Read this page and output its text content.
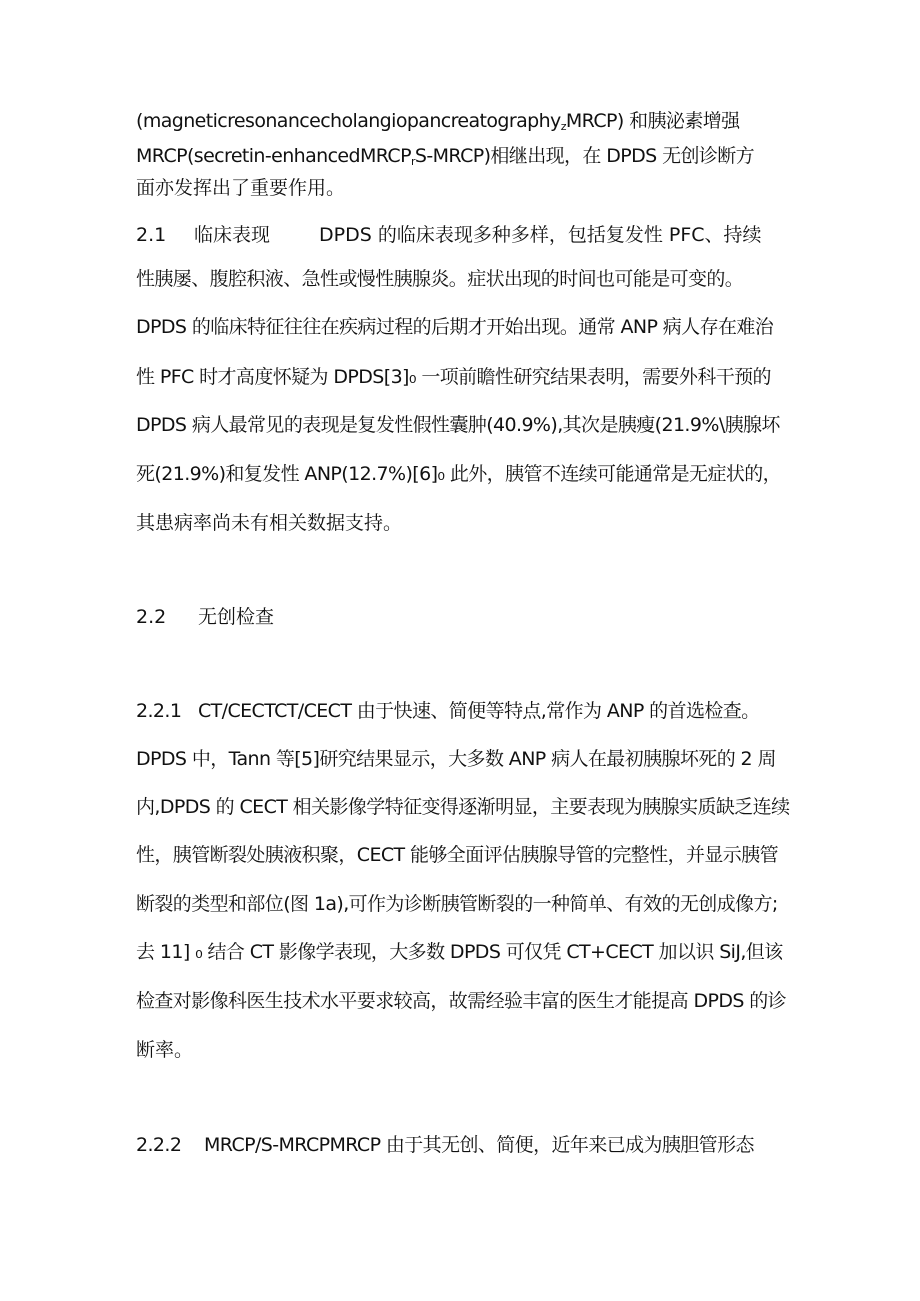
(magneticresonancecholangiopancreatography$_z$MRCP) 和胰泌素增强
MRCP(secretin-enhancedMRCP$_r$S-MRCP)相继出现，在 DPDS 无创诊断方
面亦发挥出了重要作用。
2.1 临床表现	DPDS 的临床表现多种多样，包括复发性 PFC、持续
性胰屡、腹腔积液、急性或慢性胰腺炎。症状出现的时间也可能是可变的。
DPDS 的临床特征往往在疾病过程的后期才开始出现。通常 ANP 病人存在难治
性 PFC 时才高度怀疑为 DPDS[3]₀ 一项前瞻性研究结果表明，需要外科干预的
DPDS 病人最常见的表现是复发性假性囊肿(40.9%),其次是胰瘦(21.9%\胰腺坏
死(21.9%)和复发性 ANP(12.7%)[6]₀ 此外，胰管不连续可能通常是无症状的，
其患病率尚未有相关数据支持。
2.2 无创检查
2.2.1 CT/CECTCT/CECT 由于快速、简便等特点,常作为 ANP 的首选检查。
DPDS 中，Tann 等[5]研究结果显示，大多数 ANP 病人在最初胰腺坏死的 2 周
内,DPDS 的 CECT 相关影像学特征变得逐渐明显，主要表现为胰腺实质缺乏连续
性，胰管断裂处胰液积聚，CECT 能够全面评估胰腺导管的完整性，并显示胰管
断裂的类型和部位(图 1a),可作为诊断胰管断裂的一种简单、有效的无创成像方;
去 11] ₀ 结合 CT 影像学表现，大多数 DPDS 可仅凭 CT+CECT 加以识 SiJ,但该
检查对影像科医生技术水平要求较高，故需经验丰富的医生才能提高 DPDS 的诊
断率。
2.2.2 MRCP/S-MRCPMRCP 由于其无创、简便，近年来已成为胰胆管形态
